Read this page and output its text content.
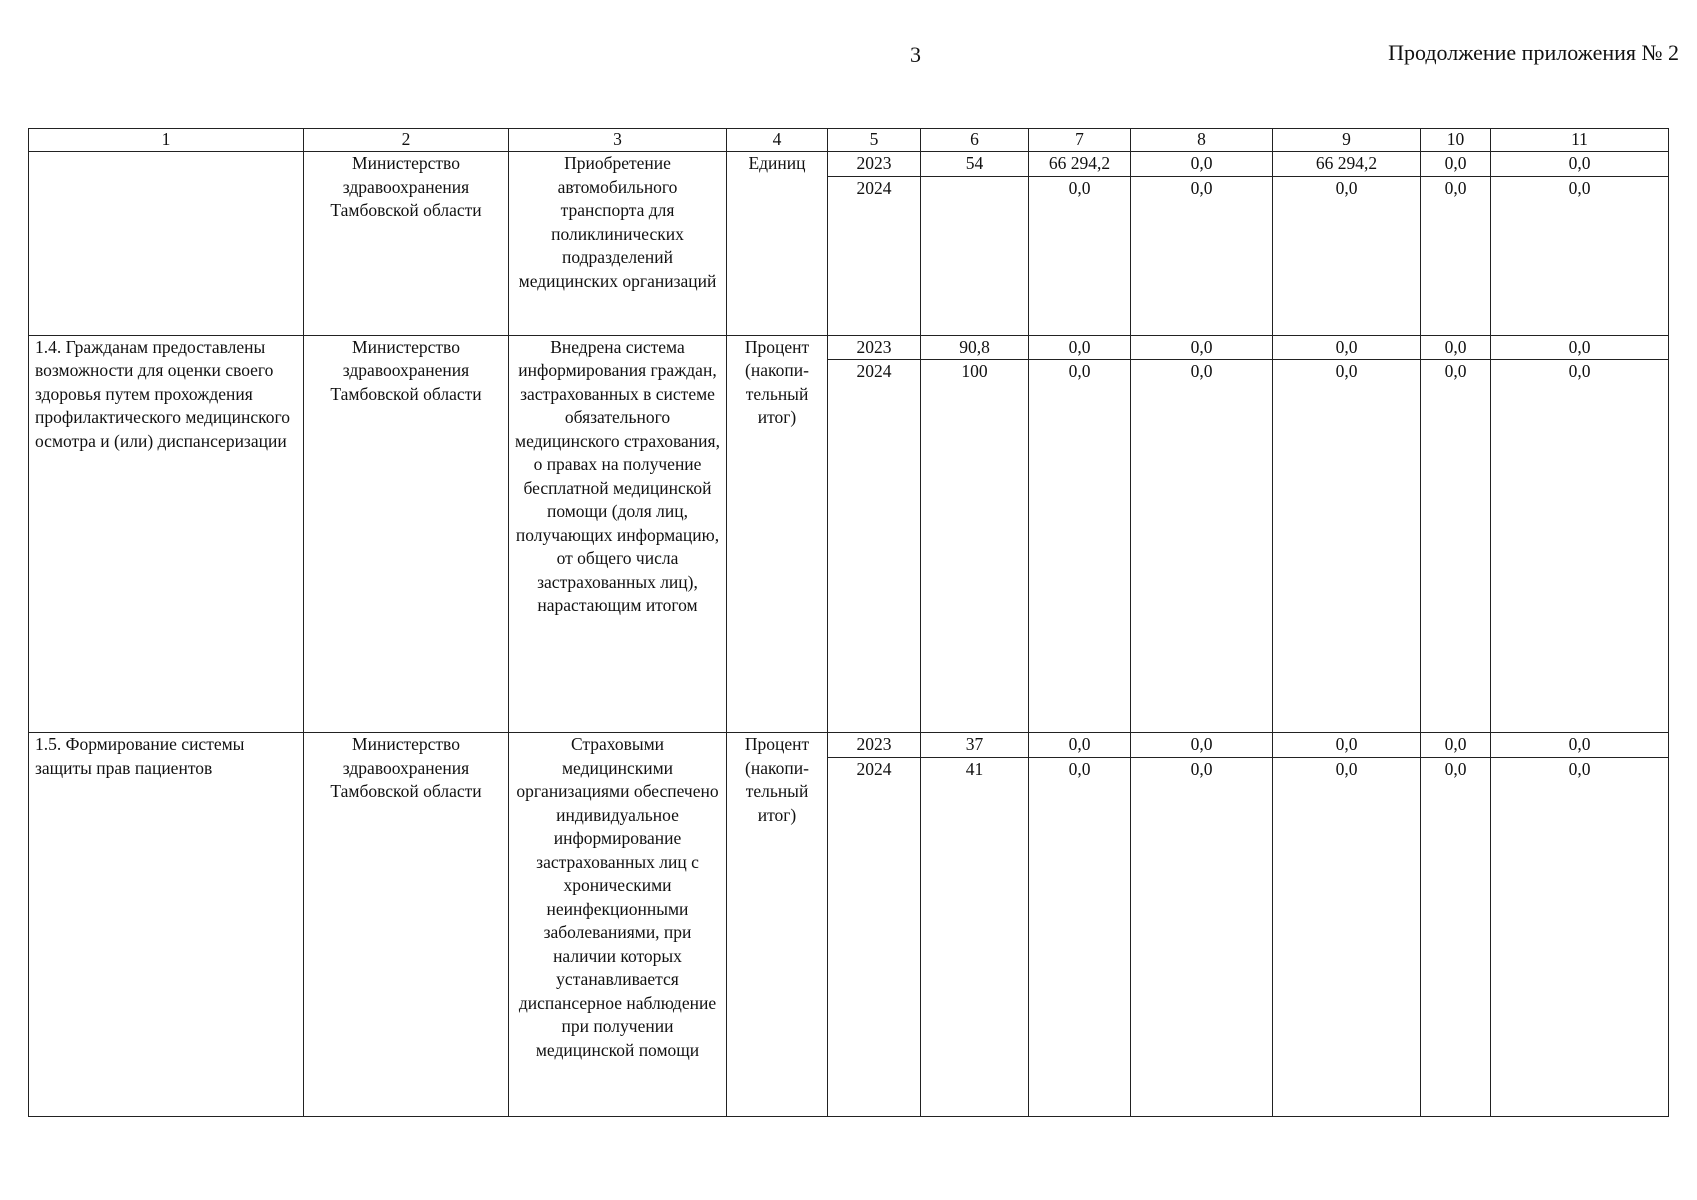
3	Продолжение приложения № 2
1	2	3	4	5	6	7	8	9	10	11
	Министерство здравоохранения Тамбовской области	Приобретение автомобильного транспорта для поликлинических подразделений медицинских организаций	Единиц	2023	54	66 294,2	0,0	66 294,2	0,0	0,0
				2024		0,0	0,0	0,0	0,0	0,0
1.4. Гражданам предоставлены возможности для оценки своего здоровья путем прохождения профилактического медицинского осмотра и (или) диспансеризации	Министерство здравоохранения Тамбовской области	Внедрена система информирования граждан, застрахованных в системе обязательного медицинского страхования, о правах на получение бесплатной медицинской помощи (доля лиц, получающих информацию, от общего числа застрахованных лиц), нарастающим итогом	Процент (накопи-тельный итог)	2023	90,8	0,0	0,0	0,0	0,0	0,0
				2024	100	0,0	0,0	0,0	0,0	0,0
1.5. Формирование системы защиты прав пациентов	Министерство здравоохранения Тамбовской области	Страховыми медицинскими организациями обеспечено индивидуальное информирование застрахованных лиц с хроническими неинфекционными заболеваниями, при наличии которых устанавливается диспансерное наблюдение при получении медицинской помощи	Процент (накопи-тельный итог)	2023	37	0,0	0,0	0,0	0,0	0,0
				2024	41	0,0	0,0	0,0	0,0	0,0
